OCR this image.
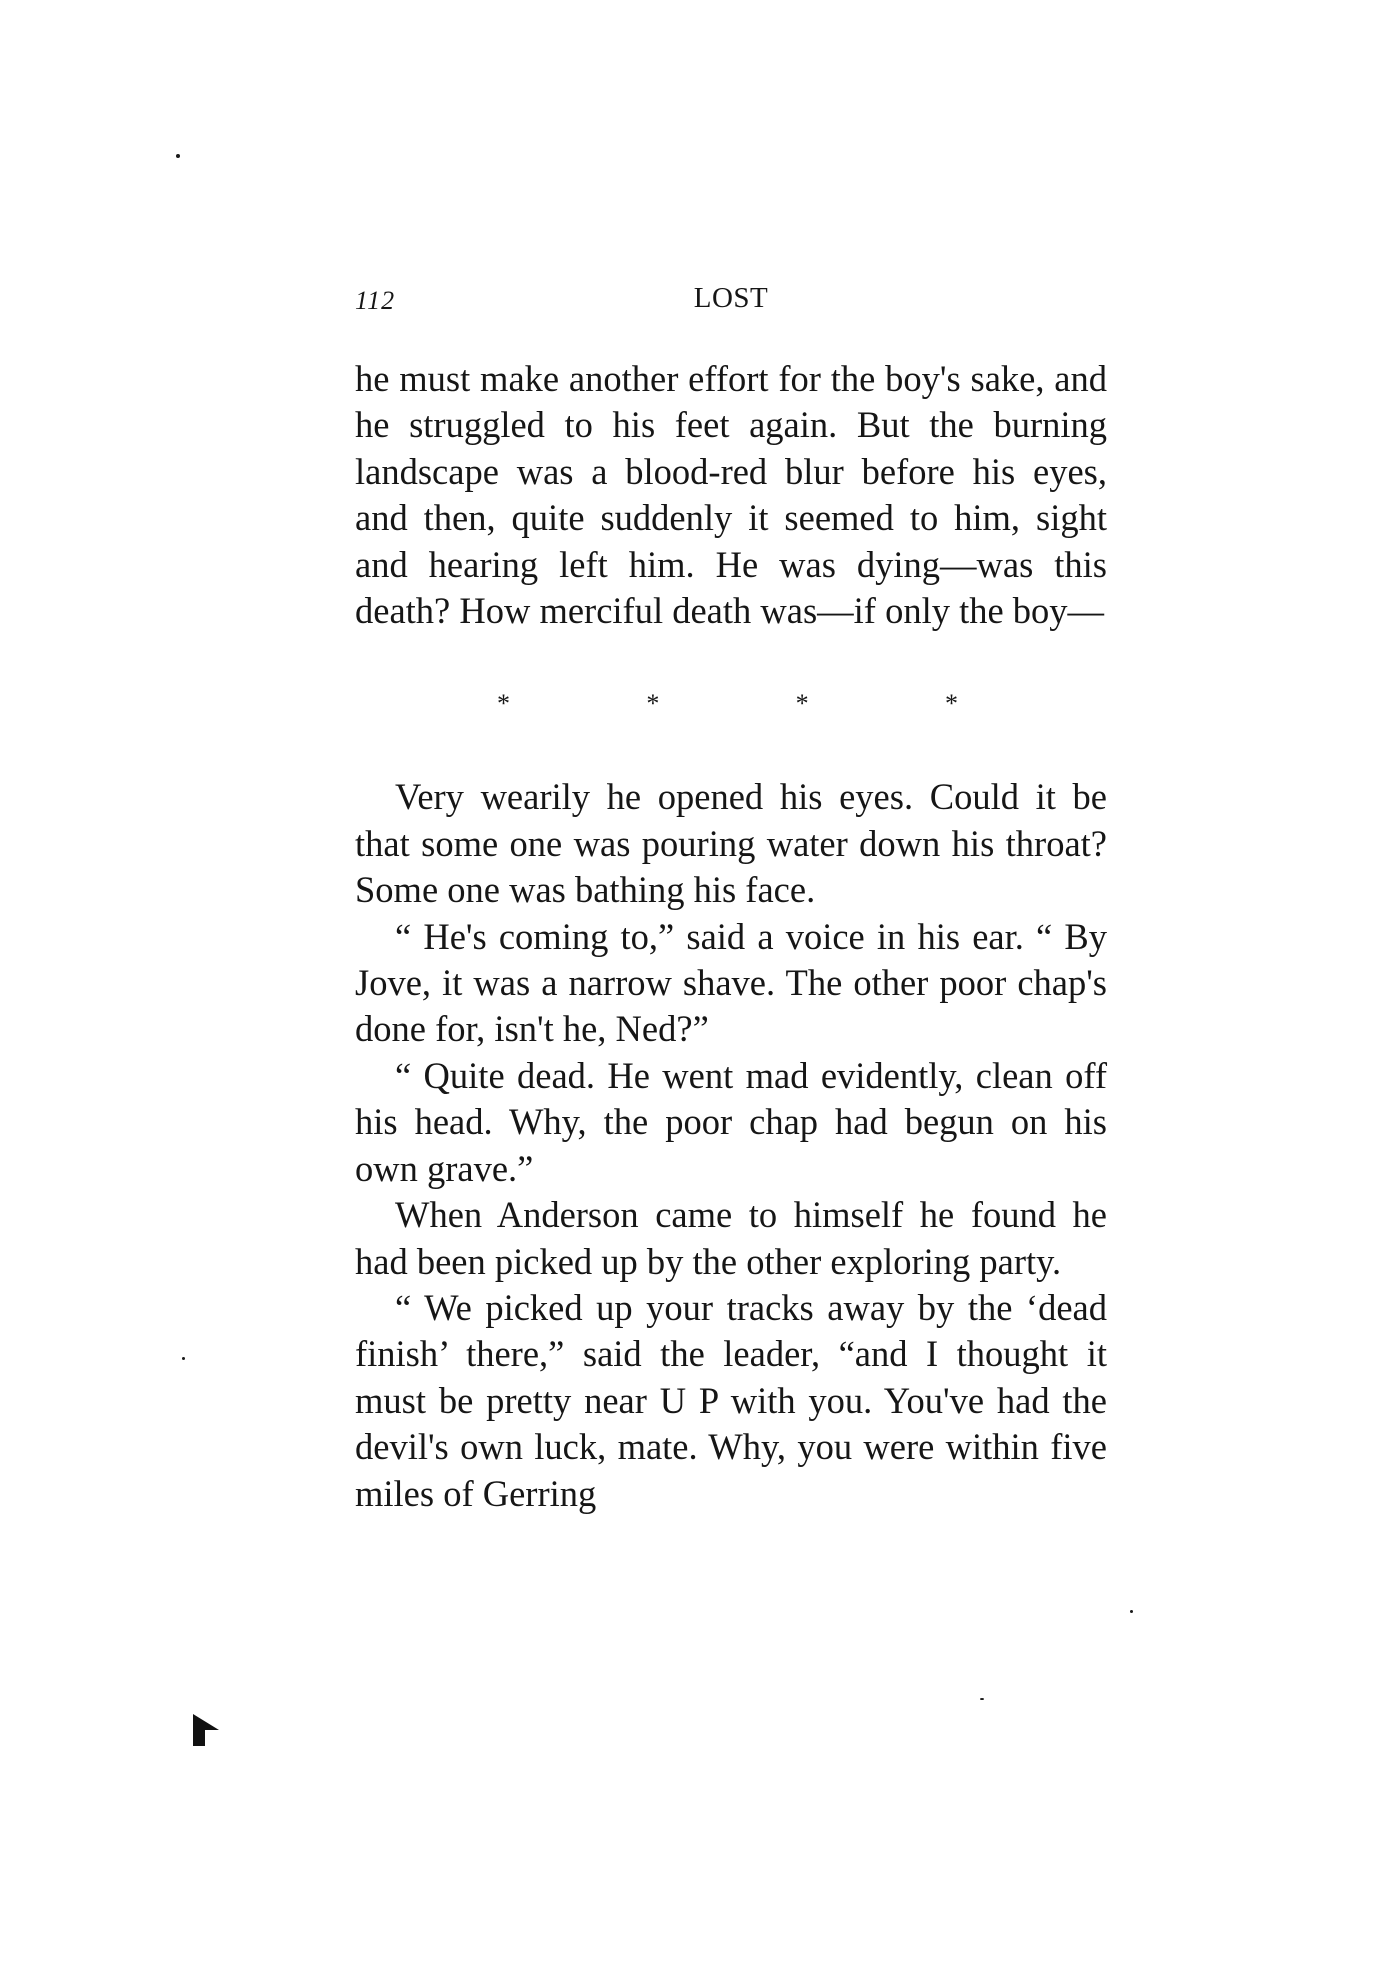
112	LOST

he must make another effort for the boy's sake, and he struggled to his feet again. But the burning landscape was a blood-red blur before his eyes, and then, quite suddenly it seemed to him, sight and hearing left him. He was dying—was this death? How merciful death was—if only the boy—

*	*	*	*

Very wearily he opened his eyes. Could it be that some one was pouring water down his throat? Some one was bathing his face.

“ He's coming to,” said a voice in his ear. “ By Jove, it was a narrow shave. The other poor chap's done for, isn't he, Ned?”

“ Quite dead. He went mad evidently, clean off his head. Why, the poor chap had begun on his own grave.”

When Anderson came to himself he found he had been picked up by the other exploring party.

“ We picked up your tracks away by the ‘dead finish’ there,” said the leader, “and I thought it must be pretty near U P with you. You've had the devil's own luck, mate. Why, you were within five miles of Gerring
